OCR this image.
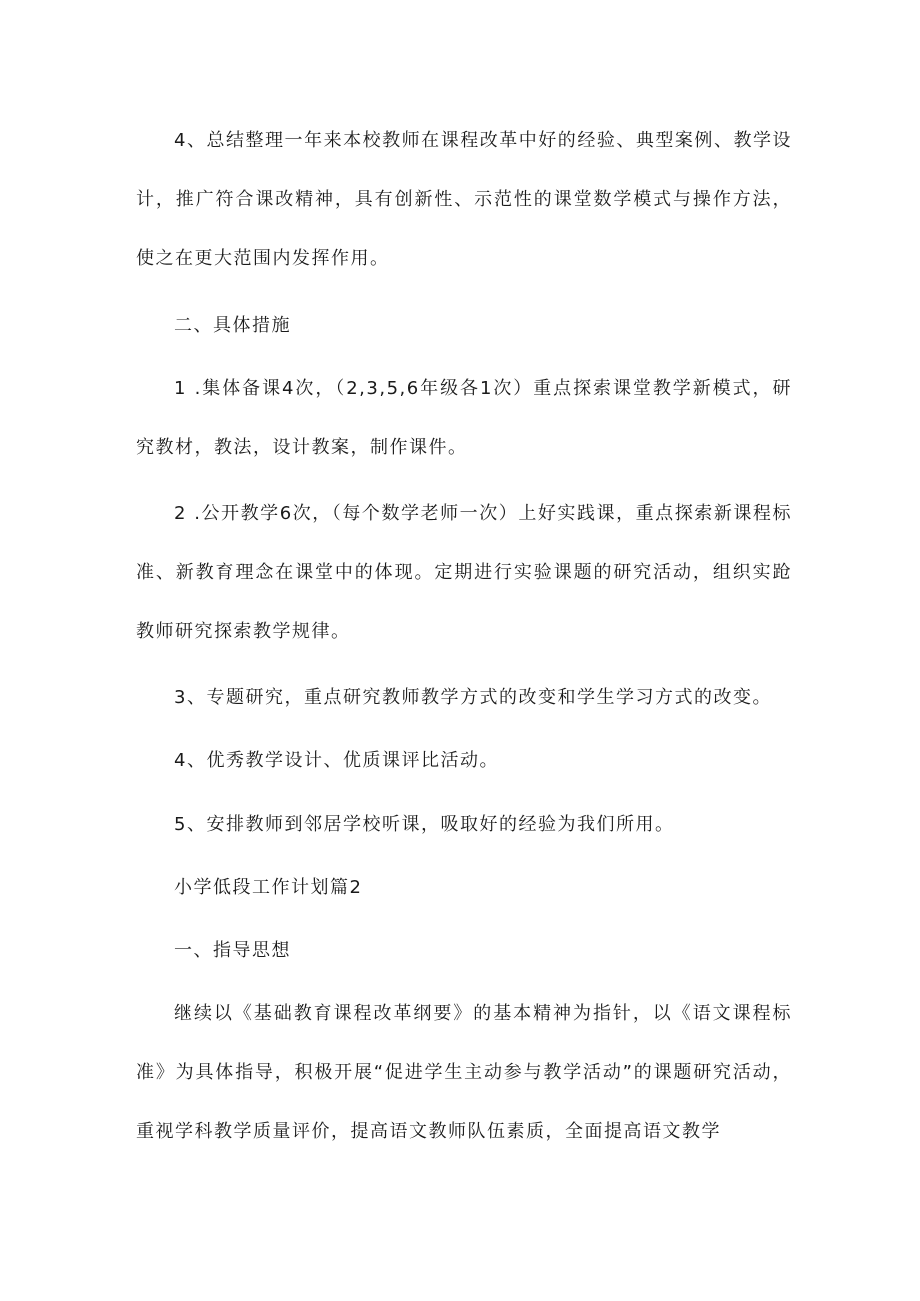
4、总结整理一年来本校教师在课程改革中好的经验、典型案例、教学设计，推广符合课改精神，具有创新性、示范性的课堂数学模式与操作方法，使之在更大范围内发挥作用。

二、具体措施

1 .集体备课4次，（2,3,5,6年级各1次）重点探索课堂教学新模式，研究教材，教法，设计教案，制作课件。

2 .公开教学6次，（每个数学老师一次）上好实践课，重点探索新课程标准、新教育理念在课堂中的体现。定期进行实验课题的研究活动，组织实跄教师研究探索教学规律。

3、专题研究，重点研究教师教学方式的改变和学生学习方式的改变。

4、优秀教学设计、优质课评比活动。

5、安排教师到邻居学校听课，吸取好的经验为我们所用。

小学低段工作计划篇2

一、指导思想

继续以《基础教育课程改革纲要》的基本精神为指针，以《语文课程标准》为具体指导，积极开展“促进学生主动参与教学活动”的课题研究活动，重视学科教学质量评价，提高语文教师队伍素质，全面提高语文教学
